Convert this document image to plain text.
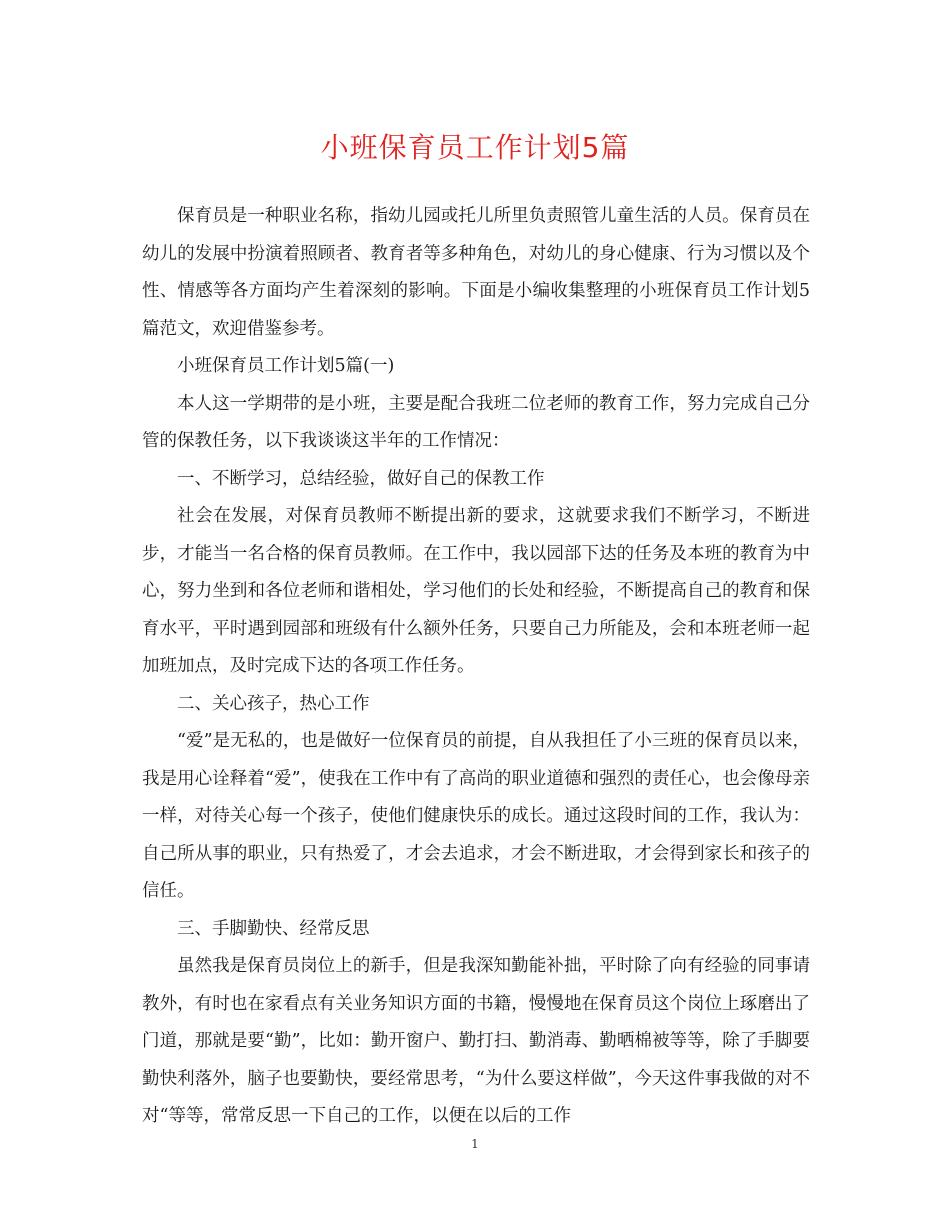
小班保育员工作计划5篇

保育员是一种职业名称，指幼儿园或托儿所里负责照管儿童生活的人员。保育员在幼儿的发展中扮演着照顾者、教育者等多种角色，对幼儿的身心健康、行为习惯以及个性、情感等各方面均产生着深刻的影响。下面是小编收集整理的小班保育员工作计划5篇范文，欢迎借鉴参考。

小班保育员工作计划5篇(一)

本人这一学期带的是小班，主要是配合我班二位老师的教育工作，努力完成自己分管的保教任务，以下我谈谈这半年的工作情况：

一、不断学习，总结经验，做好自己的保教工作

社会在发展，对保育员教师不断提出新的要求，这就要求我们不断学习，不断进步，才能当一名合格的保育员教师。在工作中，我以园部下达的任务及本班的教育为中心，努力坐到和各位老师和谐相处，学习他们的长处和经验，不断提高自己的教育和保育水平，平时遇到园部和班级有什么额外任务，只要自己力所能及，会和本班老师一起加班加点，及时完成下达的各项工作任务。

二、关心孩子，热心工作

“爱”是无私的，也是做好一位保育员的前提，自从我担任了小三班的保育员以来，我是用心诠释着“爱”，使我在工作中有了高尚的职业道德和强烈的责任心，也会像母亲一样，对待关心每一个孩子，使他们健康快乐的成长。通过这段时间的工作，我认为：自己所从事的职业，只有热爱了，才会去追求，才会不断进取，才会得到家长和孩子的信任。

三、手脚勤快、经常反思

虽然我是保育员岗位上的新手，但是我深知勤能补拙，平时除了向有经验的同事请教外，有时也在家看点有关业务知识方面的书籍，慢慢地在保育员这个岗位上琢磨出了门道，那就是要“勤”，比如：勤开窗户、勤打扫、勤消毒、勤晒棉被等等，除了手脚要勤快利落外，脑子也要勤快，要经常思考，“为什么要这样做”，今天这件事我做的对不对“等等，常常反思一下自己的工作，以便在以后的工作

1
